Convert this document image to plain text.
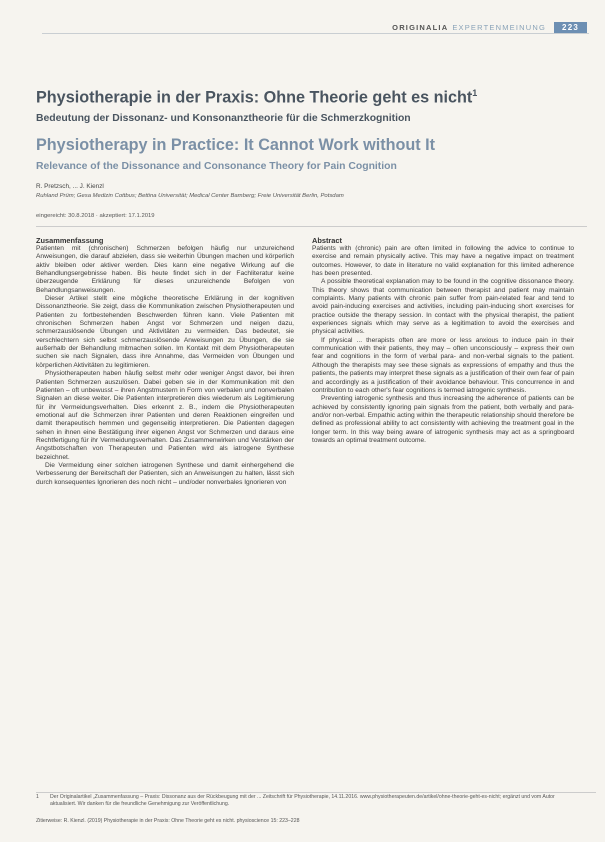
ORIGINALIA EXPERTENMEINUNG	223
Physiotherapie in der Praxis: Ohne Theorie geht es nicht$^1$
Bedeutung der Dissonanz- und Konsonanztheorie für die Schmerzkognition
Physiotherapy in Practice: It Cannot Work without It
Relevance of the Dissonance and Consonance Theory for Pain Cognition
R. Pretzsch, ... J. Kienzl
Ruhland Prüm; Gesa Medizin Cottbus; Bettina Universität; Medical Center Bamberg; Freie Universität Berlin, Potsdam
eingereicht: 30.8.2018 · akzeptiert: 17.1.2019
Zusammenfassung

Patienten mit (chronischen) Schmerzen befolgen häufig nur unzureichend Anweisungen, die darauf abzielen, dass sie weiterhin Übungen machen und körperlich aktiv bleiben oder aktiver werden. Dies kann eine negative Wirkung auf die Behandlungsergebnisse haben. Bis heute findet sich in der Fachliteratur keine überzeugende Erklärung für dieses unzureichende Befolgen von Behandlungsanweisungen.

Dieser Artikel stellt eine mögliche theoretische Erklärung in der kognitiven Dissonanztheorie. Sie zeigt, dass die Kommunikation zwischen Physiotherapeuten und Patienten zu fortbestehenden Beschwerden führen kann. Viele Patienten mit chronischen Schmerzen haben Angst vor Schmerzen und neigen dazu, schmerzauslösende Übungen und Aktivitäten zu vermeiden. Das bedeutet, sie verschlechtern sich selbst schmerzauslösende Anweisungen zu Übungen, die sie außerhalb der Behandlung mitmachen sollen. Im Kontakt mit dem Physiotherapeuten suchen sie nach Signalen, dass ihre Annahme, das Vermeiden von Übungen und körperlichen Aktivitäten zu legitimieren.

Physiotherapeuten haben häufig selbst mehr oder weniger Angst davor, bei ihren Patienten Schmerzen auszulösen. Dabei geben sie in der Kommunikation mit den Patienten – oft unbewusst – ihren Angstmustern in Form von verbalen und nonverbalen Signalen an diese weiter. Die Patienten interpretieren dies wiederum als Legitimierung für ihr Vermeidungsverhalten. Dies erkennt z. B., indem die Physiotherapeuten emotional auf die Schmerzen ihrer Patienten und deren Reaktionen eingreifen und damit therapeutisch hemmen und gegenseitig interpretieren. Die Patienten dagegen sehen in ihnen eine Bestätigung ihrer eigenen Angst vor Schmerzen und daraus eine Rechtfertigung für ihr Vermeidungsverhalten. Das Zusammenwirken und Verstärken der Angstbotschaften von Therapeuten und Patienten wird als iatrogene Synthese bezeichnet.

Die Vermeidung einer solchen iatrogenen Synthese und damit einhergehend die Verbesserung der Bereitschaft der Patienten, sich an Anweisungen zu halten, lässt sich durch konsequentes Ignorieren des noch nicht – und/oder nonverbales Ignorieren von

Abstract

Patients with (chronic) pain are often limited in following the advice to continue to exercise and remain physically active. This may have a negative impact on treatment outcomes. However, to date in literature no valid explanation for this limited adherence has been presented.

A possible theoretical explanation may to be found in the cognitive dissonance theory. This theory shows that communication between therapist and patient may maintain complaints. Many patients with chronic pain suffer from pain-related fear and tend to avoid pain-inducing exercises and activities, including pain-inducing short exercises for practice outside the therapy session. In contact with the physical therapist, the patient experiences signals which may serve as a legitimation to avoid the exercises and physical activities.

If physical ... therapists often are more or less anxious to induce pain in their communication with their patients, they may – often unconsciously – express their own fear and cognitions in the form of verbal para- and non-verbal signals to the patient. Although the therapists may see these signals as expressions of empathy and thus the patients, the patients may interpret these signals as a justification of their own fear of pain and accordingly as a justification of their avoidance behaviour. This concurrence in and contribution to each other's fear cognitions is termed iatrogenic synthesis.

Preventing iatrogenic synthesis and thus increasing the adherence of patients can be achieved by consistently ignoring pain signals from the patient, both verbally and para- and/or non-verbal. Empathic acting within the therapeutic relationship should therefore be defined as professional ability to act consistently with achieving the treatment goal in the longer term. In this way being aware of iatrogenic synthesis may act as a springboard towards an optimal treatment outcome.

1 Der Originalartikel „Zusammenfassung – Praxis: Dissonanz aus der Rückbeugung mit der ... Zeitschrift für Physiotherapie, 14.11.2016. www.physiotherapeuten.de/artikel/ohne-theorie-geht-es-nicht; ergänzt und vom Autor aktualisiert. Wir danken für die freundliche Genehmigung zur Veröffentlichung.
Zitierweise: R. Kienzl. (2019) Physiotherapie in der Praxis: Ohne Theorie geht es nicht. physioscience 15: 223–228
